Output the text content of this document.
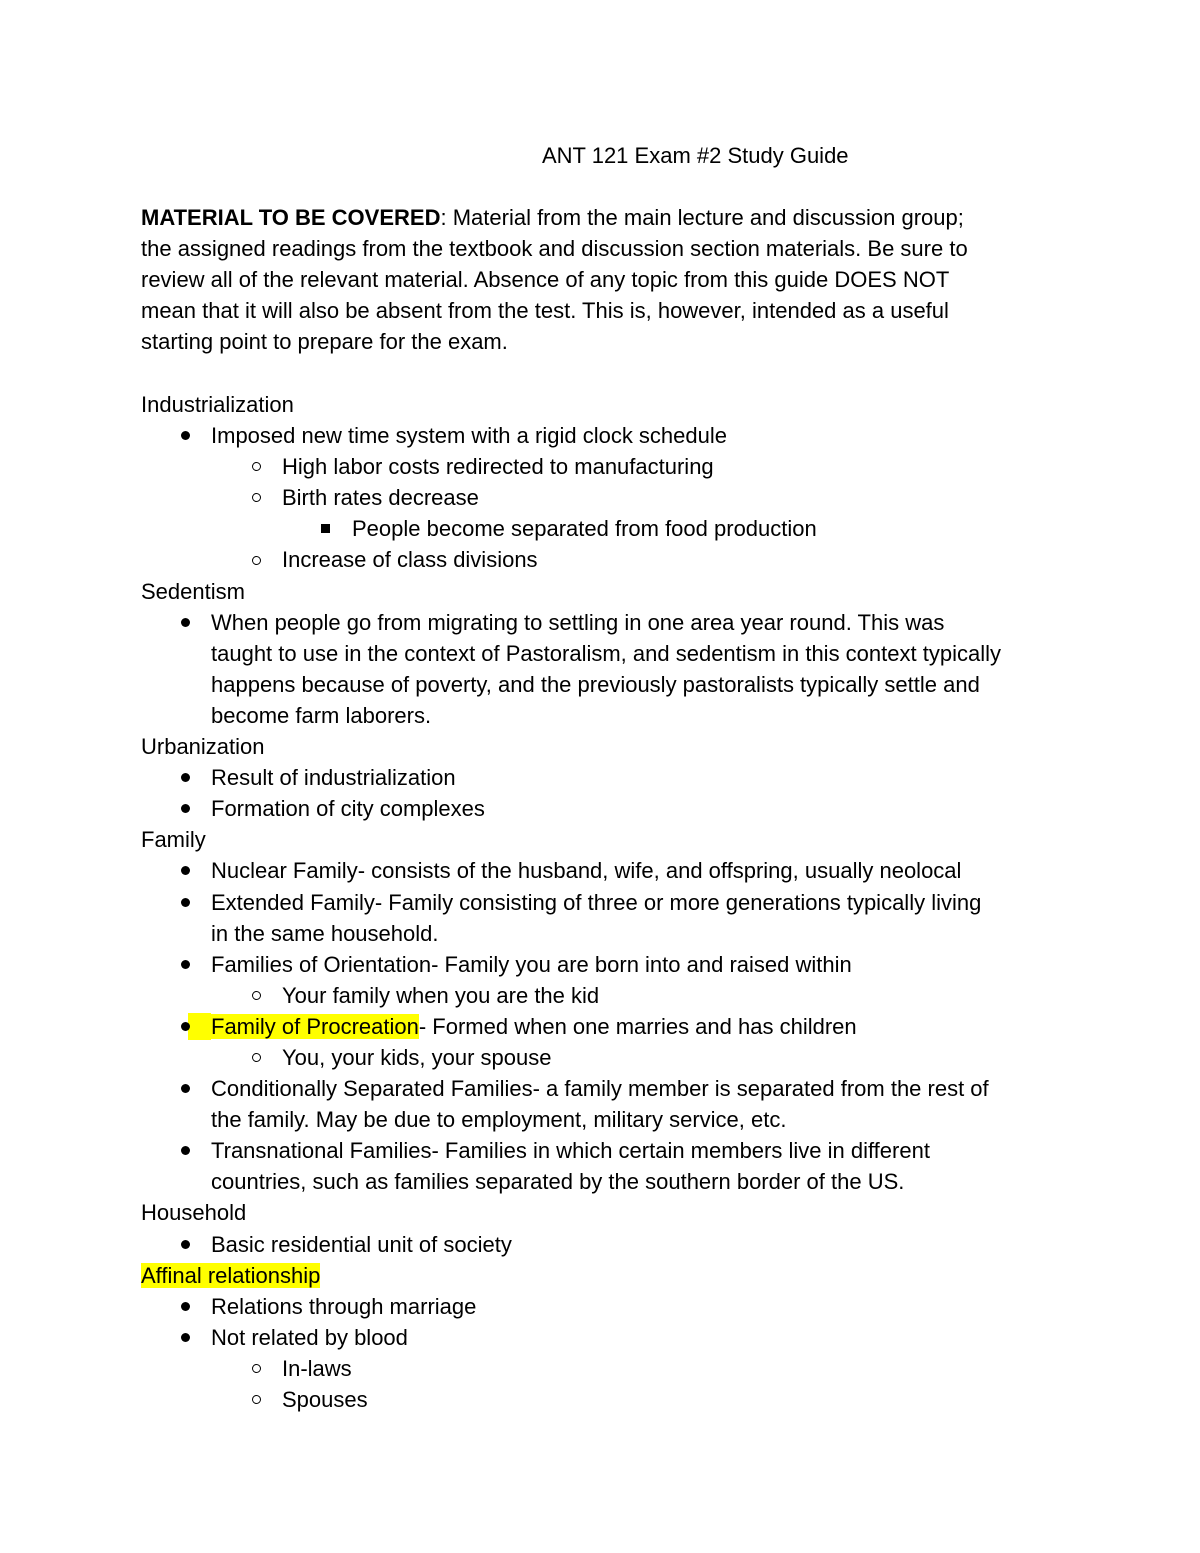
ANT 121 Exam #2 Study Guide
MATERIAL TO BE COVERED: Material from the main lecture and discussion group;
the assigned readings from the textbook and discussion section materials. Be sure to
review all of the relevant material. Absence of any topic from this guide DOES NOT
mean that it will also be absent from the test. This is, however, intended as a useful
starting point to prepare for the exam.
Industrialization
Imposed new time system with a rigid clock schedule
High labor costs redirected to manufacturing
Birth rates decrease
People become separated from food production
Increase of class divisions
Sedentism
When people go from migrating to settling in one area year round. This was
taught to use in the context of Pastoralism, and sedentism in this context typically
happens because of poverty, and the previously pastoralists typically settle and
become farm laborers.
Urbanization
Result of industrialization
Formation of city complexes
Family
Nuclear Family- consists of the husband, wife, and offspring, usually neolocal
Extended Family- Family consisting of three or more generations typically living
in the same household.
Families of Orientation- Family you are born into and raised within
Your family when you are the kid
Family of Procreation- Formed when one marries and has children
You, your kids, your spouse
Conditionally Separated Families- a family member is separated from the rest of
the family. May be due to employment, military service, etc.
Transnational Families- Families in which certain members live in different
countries, such as families separated by the southern border of the US.
Household
Basic residential unit of society
Affinal relationship
Relations through marriage
Not related by blood
In-laws
Spouses
